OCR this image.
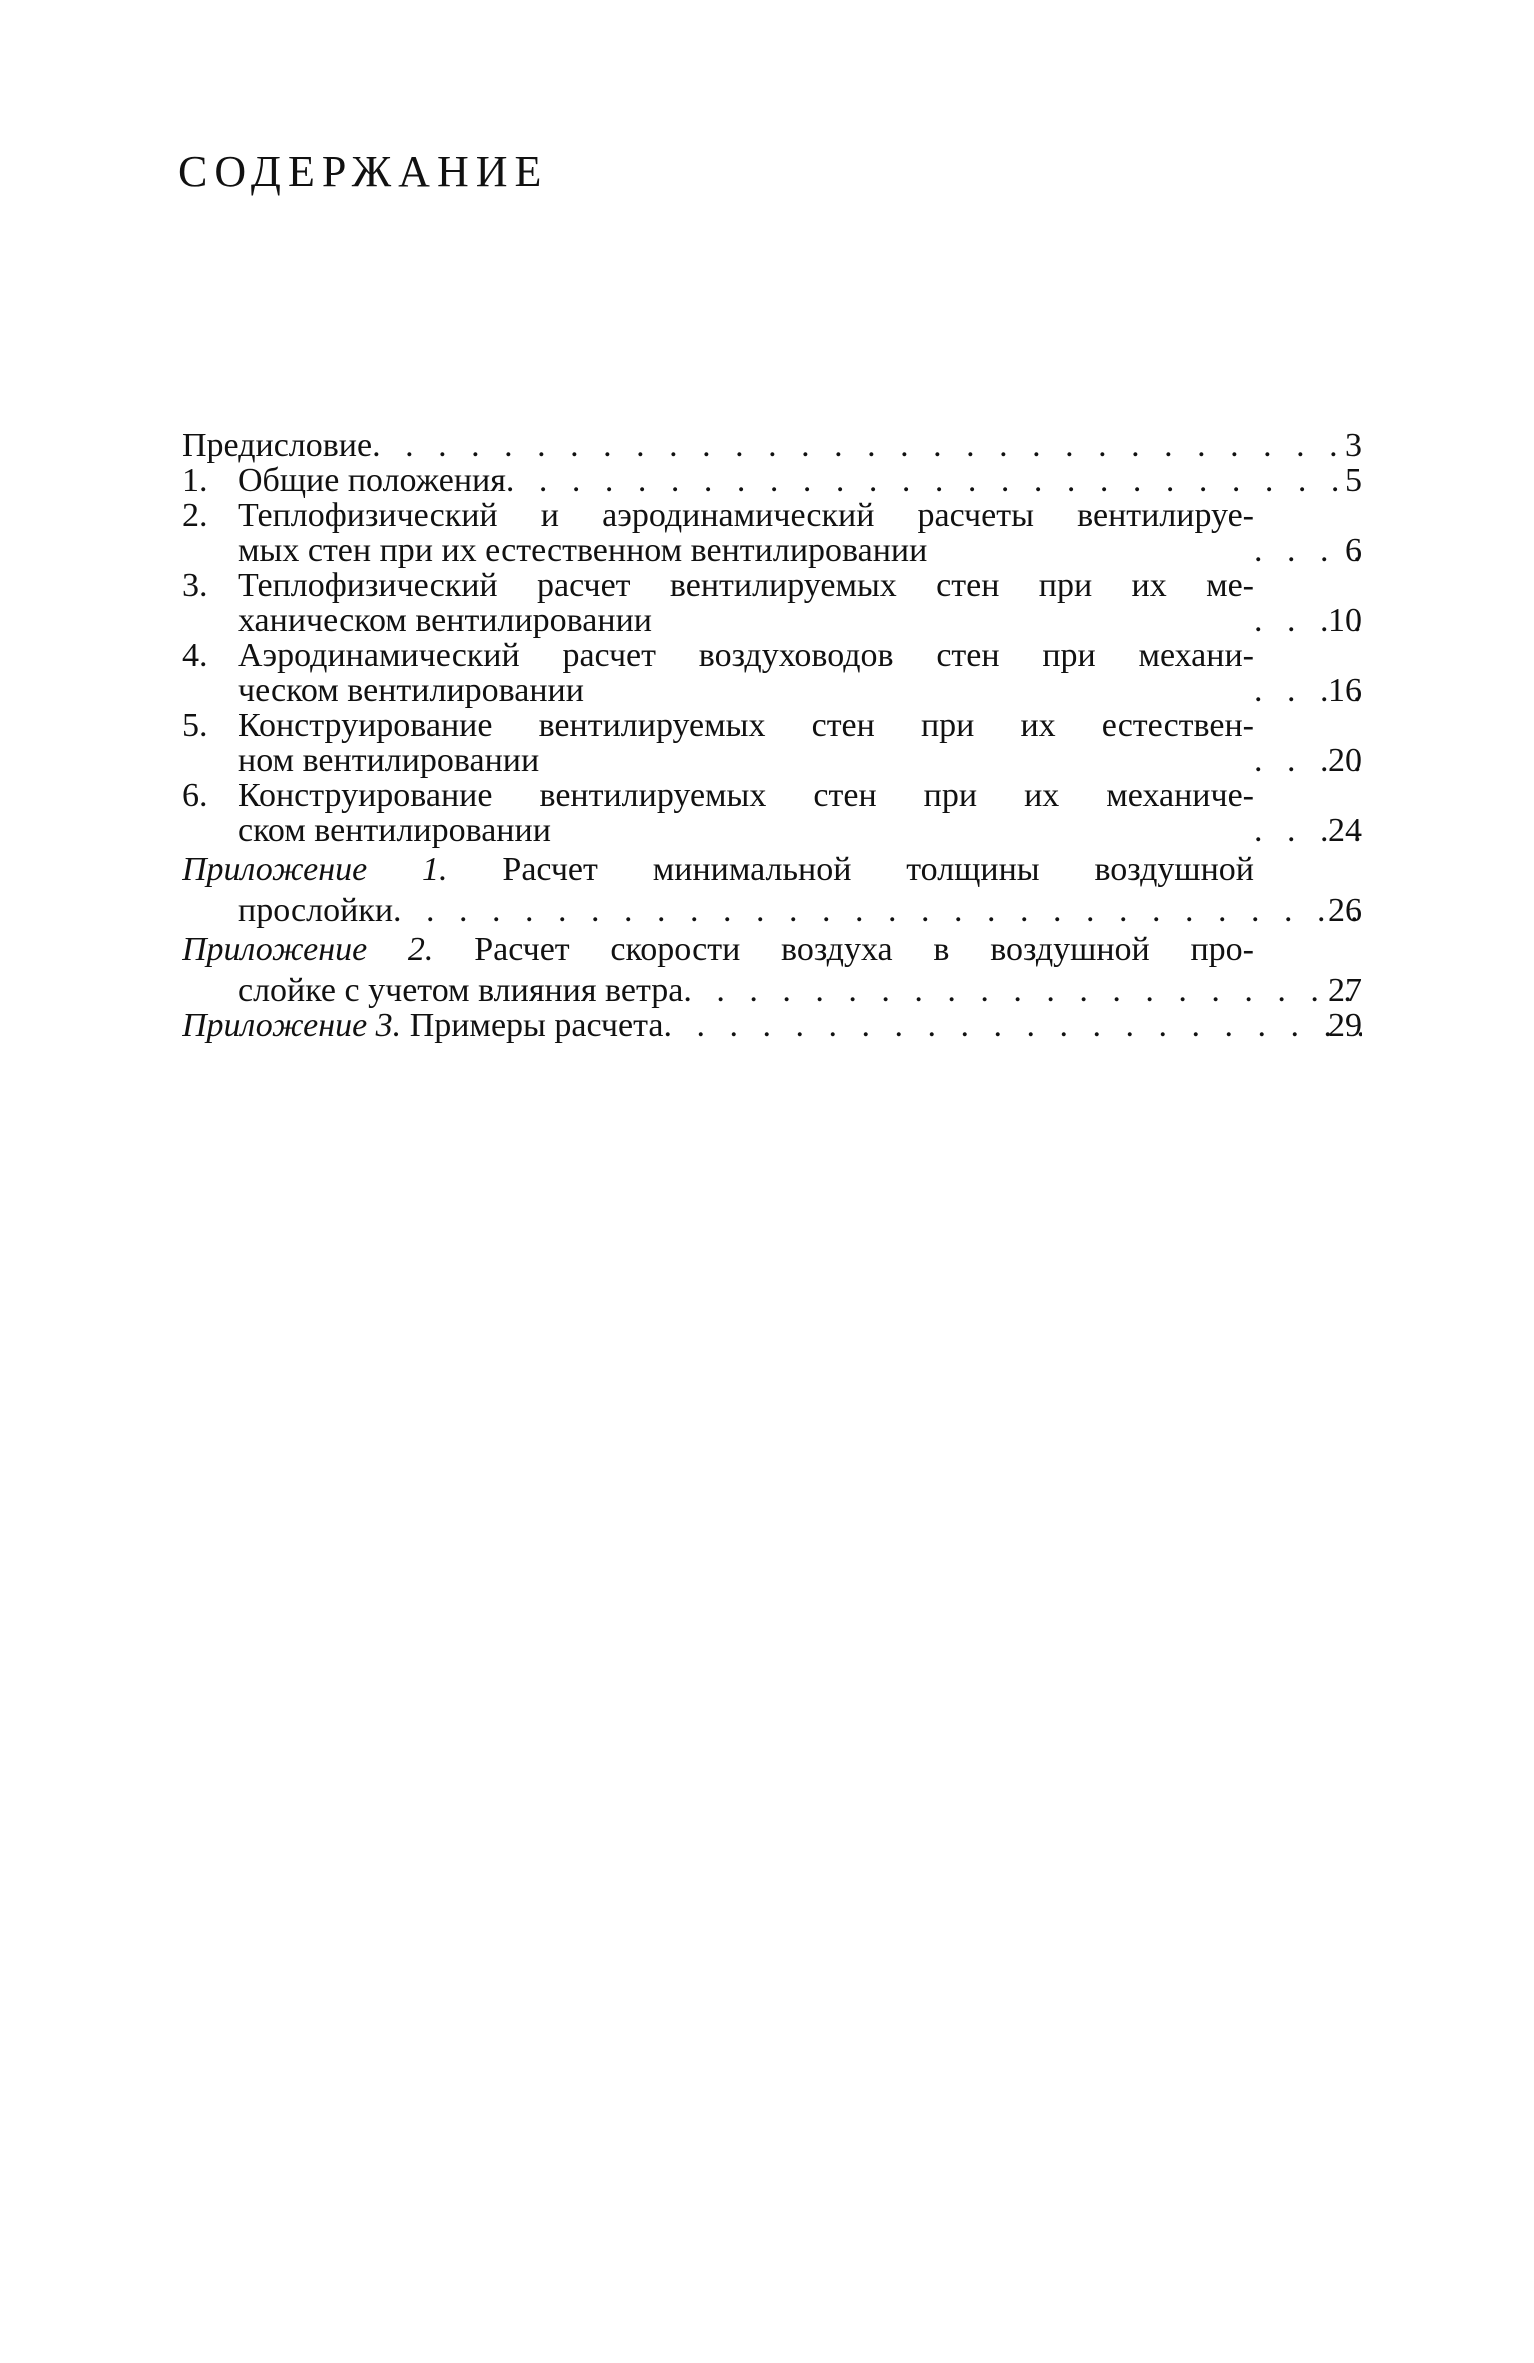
СОДЕРЖАНИЕ
Предисловие . . .	3
1. Общие положения . . .	5
2. Теплофизический и аэродинамический расчеты вентилируе-
мых стен при их естественном вентилировании . . .	6
3. Теплофизический расчет вентилируемых стен при их ме-
ханическом вентилировании . . .	10
4. Аэродинамический расчет воздуховодов стен при механи-
ческом вентилировании . . .	16
5. Конструирование вентилируемых стен при их естествен-
ном вентилировании . . .	20
6. Конструирование вентилируемых стен при их механиче-
ском вентилировании . . .	24
Приложение 1. Расчет минимальной толщины воздушной
прослойки . . .	26
Приложение 2. Расчет скорости воздуха в воздушной про-
слойке с учетом влияния ветра . . .	27
Приложение 3. Примеры расчета . . .	29
